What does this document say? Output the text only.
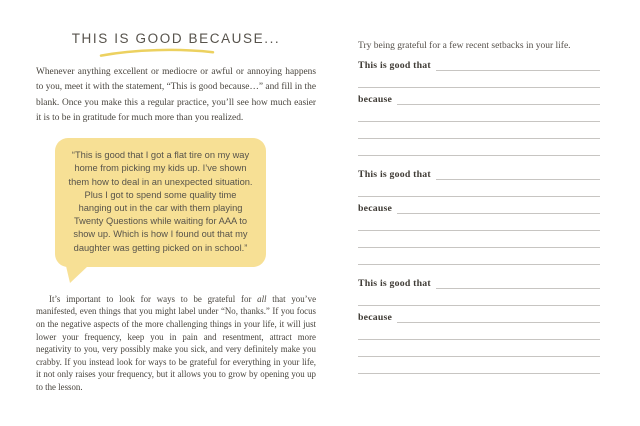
THIS IS GOOD BECAUSE...

Whenever anything excellent or mediocre or awful or annoying happens to you, meet it with the statement, “This is good because…” and fill in the blank. Once you make this a regular practice, you’ll see how much easier it is to be in gratitude for much more than you realized.

“This is good that I got a flat tire on my way home from picking my kids up. I’ve shown them how to deal in an unexpected situation. Plus I got to spend some quality time hanging out in the car with them playing Twenty Questions while waiting for AAA to show up. Which is how I found out that my daughter was getting picked on in school.”

It’s important to look for ways to be grateful for all that you’ve manifested, even things that you might label under “No, thanks.” If you focus on the negative aspects of the more challenging things in your life, it will just lower your frequency, keep you in pain and resentment, attract more negativity to you, very possibly make you sick, and very definitely make you crabby. If you instead look for ways to be grateful for everything in your life, it not only raises your frequency, but it allows you to grow by opening you up to the lesson.

Try being grateful for a few recent setbacks in your life.
This is good that
because
This is good that
because
This is good that
because
